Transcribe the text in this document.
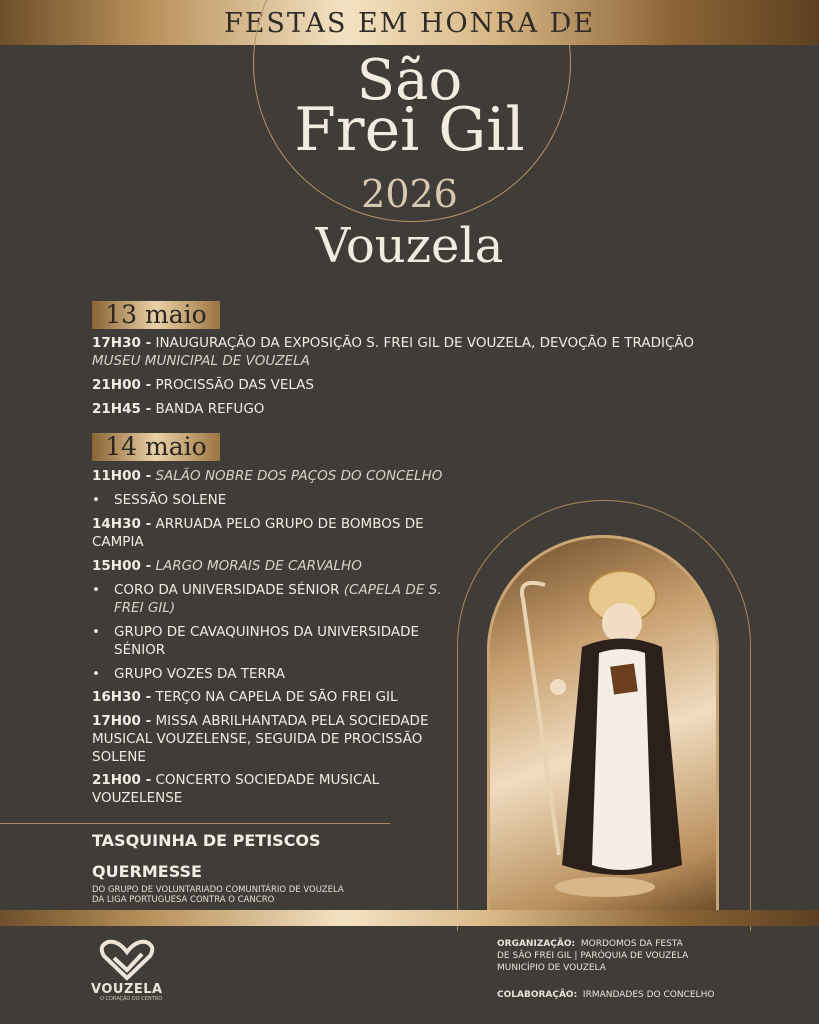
FESTAS EM HONRA DE
São
Frei Gil
2026
Vouzela
13 maio
17H30 - INAUGURAÇÃO DA EXPOSIÇÃO S. FREI GIL DE VOUZELA, DEVOÇÃO E TRADIÇÃO
MUSEU MUNICIPAL DE VOUZELA
21H00 - PROCISSÃO DAS VELAS
21H45 - BANDA REFUGO
14 maio
11H00 - SALÃO NOBRE DOS PAÇOS DO CONCELHO
• SESSÃO SOLENE
14H30 - ARRUADA PELO GRUPO DE BOMBOS DE
CAMPIA
15H00 - LARGO MORAIS DE CARVALHO
• CORO DA UNIVERSIDADE SÉNIOR (CAPELA DE S.
FREI GIL)
• GRUPO DE CAVAQUINHOS DA UNIVERSIDADE
SÉNIOR
• GRUPO VOZES DA TERRA
16H30 - TERÇO NA CAPELA DE SÃO FREI GIL
17H00 - MISSA ABRILHANTADA PELA SOCIEDADE
MUSICAL VOUZELENSE, SEGUIDA DE PROCISSÃO
SOLENE
21H00 - CONCERTO SOCIEDADE MUSICAL
VOUZELENSE
TASQUINHA DE PETISCOS
QUERMESSE
DO GRUPO DE VOLUNTARIADO COMUNITÁRIO DE VOUZELA
DA LIGA PORTUGUESA CONTRA O CANCRO
VOUZELA
O CORAÇÃO DO CENTRO
ORGANIZAÇÃO: MORDOMOS DA FESTA
DE SÃO FREI GIL | PARÓQUIA DE VOUZELA
MUNICÍPIO DE VOUZELA
COLABORAÇÃO: IRMANDADES DO CONCELHO
